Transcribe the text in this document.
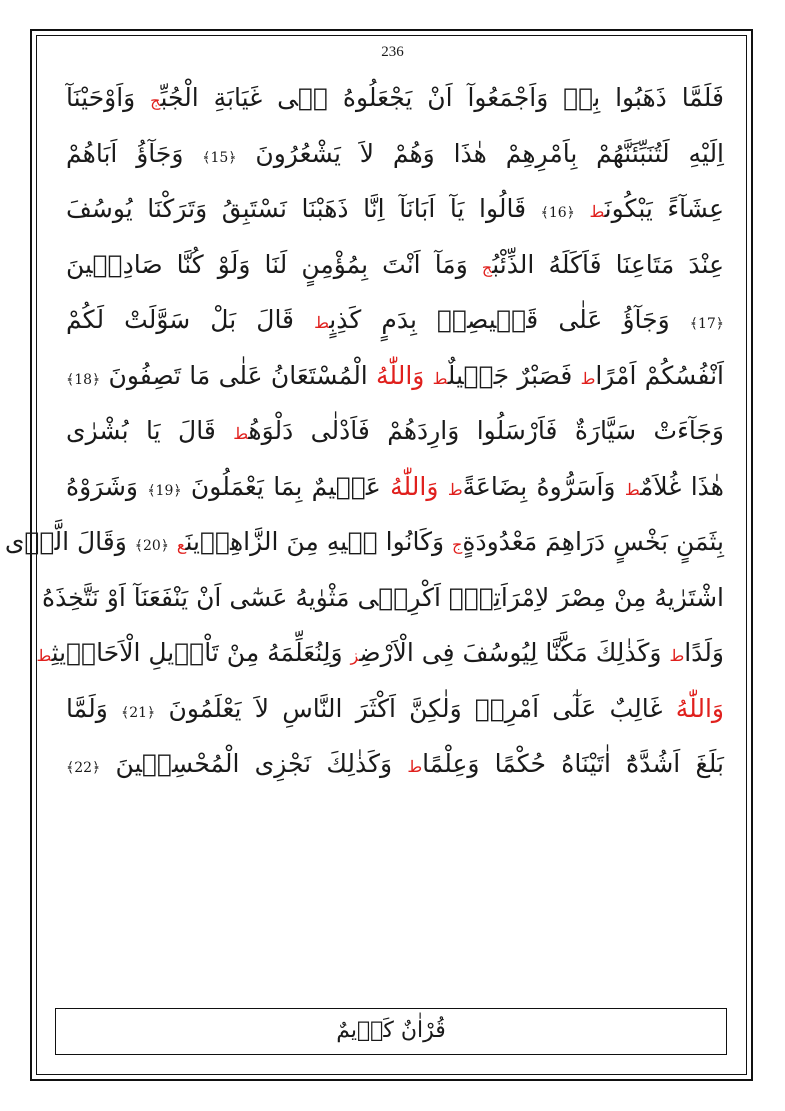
236
فَلَمَّا ذَهَبُوا بِهٖ وَاَجْمَعُوآ اَنْ يَجْعَلُوهُ فٖى غَيَابَةِ الْجُبِّج وَاَوْحَيْنَآ
اِلَيْهِ لَتُنَبِّئَنَّهُمْ بِاَمْرِهِمْ هٰذَا وَهُمْ لاَ يَشْعُرُونَ ﴿15﴾ وَجَآؤُ اَبَاهُمْ
عِشَآءً يَبْكُونَط ﴿16﴾ قَالُوا يَآ اَبَانَآ اِنَّا ذَهَبْنَا نَسْتَبِقُ وَتَرَكْنَا يُوسُفَ
عِنْدَ مَتَاعِنَا فَاَكَلَهُ الذِّئْبُج وَمَآ اَنْتَ بِمُؤْمِنٍ لَنَا وَلَوْ كُنَّا صَادِقٖينَ
﴿17﴾ وَجَآؤُ عَلٰى قَمٖيصِهٖ بِدَمٍ كَذِبٍط قَالَ بَلْ سَوَّلَتْ لَكُمْ
اَنْفُسُكُمْ اَمْرًاط فَصَبْرٌ جَمٖيلٌط وَاللّٰهُ الْمُسْتَعَانُ عَلٰى مَا تَصِفُونَ ﴿18﴾
وَجَآءَتْ سَيَّارَةٌ فَاَرْسَلُوا وَارِدَهُمْ فَاَدْلٰى دَلْوَهُط قَالَ يَا بُشْرٰى
هٰذَا غُلاَمٌط وَاَسَرُّوهُ بِضَاعَةًط وَاللّٰهُ عَلٖيمٌ بِمَا يَعْمَلُونَ ﴿19﴾ وَشَرَوْهُ
بِثَمَنٍ بَخْسٍ دَرَاهِمَ مَعْدُودَةٍج وَكَانُوا فٖيهِ مِنَ الزَّاهِدٖينَع ﴿20﴾ وَقَالَ الَّذٖى
اشْتَرٰيهُ مِنْ مِصْرَ لاِمْرَاَتِهٖٓ اَكْرِمٖى مَثْوٰيهُ عَسٰٓى اَنْ يَنْفَعَنَآ اَوْ نَتَّخِذَهُ
وَلَدًاط وَكَذٰلِكَ مَكَّنَّا لِيُوسُفَ فِى الْاَرْضِز وَلِنُعَلِّمَهُ مِنْ تَاْوٖيلِ الْاَحَادٖيثِط
وَاللّٰهُ غَالِبٌ عَلٰٓى اَمْرِهٖ وَلٰكِنَّ اَكْثَرَ النَّاسِ لاَ يَعْلَمُونَ ﴿21﴾ وَلَمَّا
بَلَغَ اَشُدَّهُٓ اٰتَيْنَاهُ حُكْمًا وَعِلْمًاط وَكَذٰلِكَ نَجْزِى الْمُحْسِنٖينَ ﴿22﴾
قُرْاٰنٌ كَرٖيمٌ
